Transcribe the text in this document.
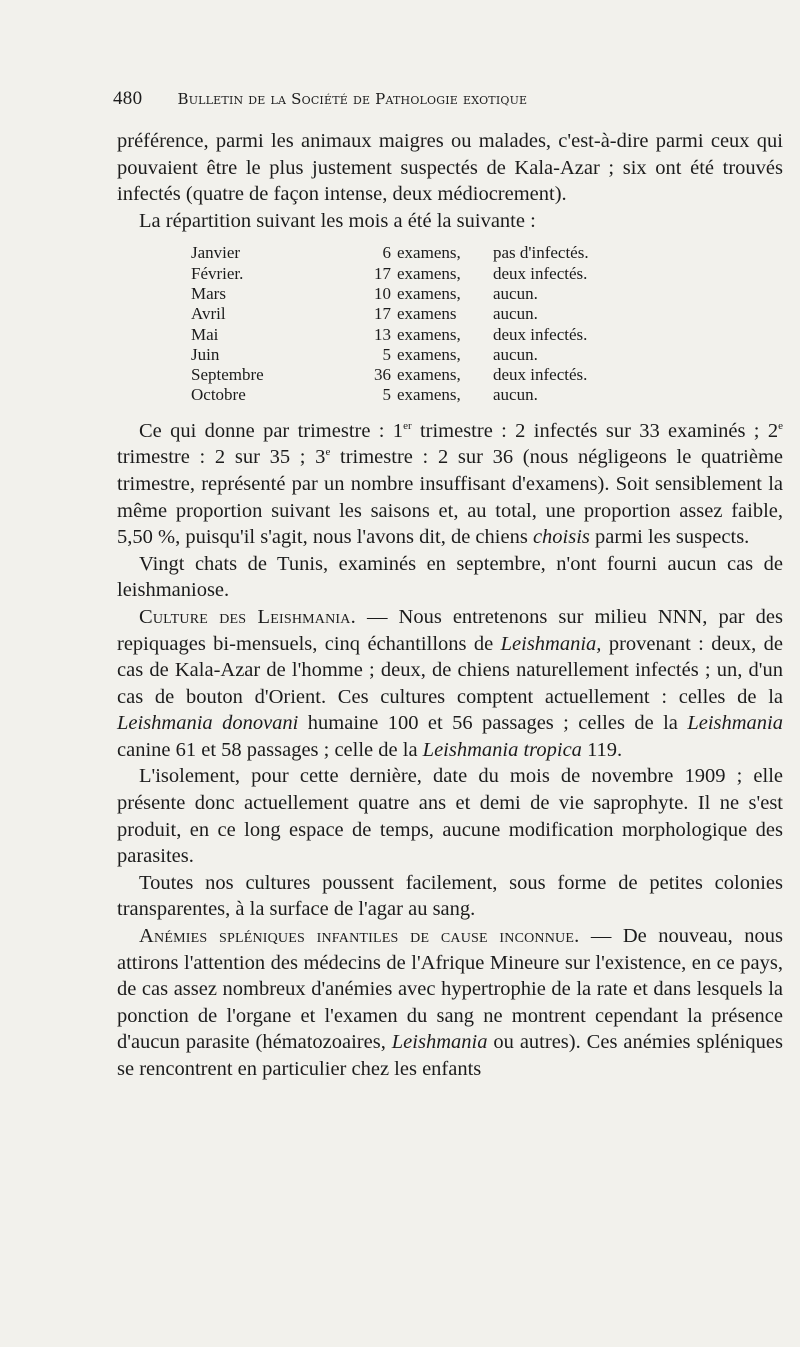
480 Bulletin de la Société de Pathologie exotique

préférence, parmi les animaux maigres ou malades, c'est-à-dire parmi ceux qui pouvaient être le plus justement suspectés de Kala-Azar ; six ont été trouvés infectés (quatre de façon intense, deux médiocrement).

La répartition suivant les mois a été la suivante :

Janvier	6	examens,	pas d'infectés.
Février.	17	examens,	deux infectés.
Mars	10	examens,	aucun.
Avril	17	examens	aucun.
Mai	13	examens,	deux infectés.
Juin	5	examens,	aucun.
Septembre	36	examens,	deux infectés.
Octobre	5	examens,	aucun.

Ce qui donne par trimestre : 1er trimestre : 2 infectés sur 33 examinés ; 2e trimestre : 2 sur 35 ; 3e trimestre : 2 sur 36 (nous négligeons le quatrième trimestre, représenté par un nombre insuffisant d'examens). Soit sensiblement la même proportion suivant les saisons et, au total, une proportion assez faible, 5,50 %, puisqu'il s'agit, nous l'avons dit, de chiens choisis parmi les suspects.

Vingt chats de Tunis, examinés en septembre, n'ont fourni aucun cas de leishmaniose.

Culture des Leishmania. — Nous entretenons sur milieu NNN, par des repiquages bi-mensuels, cinq échantillons de Leishmania, provenant : deux, de cas de Kala-Azar de l'homme ; deux, de chiens naturellement infectés ; un, d'un cas de bouton d'Orient. Ces cultures comptent actuellement : celles de la Leishmania donovani humaine 100 et 56 passages ; celles de la Leishmania canine 61 et 58 passages ; celle de la Leishmania tropica 119.

L'isolement, pour cette dernière, date du mois de novembre 1909 ; elle présente donc actuellement quatre ans et demi de vie saprophyte. Il ne s'est produit, en ce long espace de temps, aucune modification morphologique des parasites.

Toutes nos cultures poussent facilement, sous forme de petites colonies transparentes, à la surface de l'agar au sang.

Anémies spléniques infantiles de cause inconnue. — De nouveau, nous attirons l'attention des médecins de l'Afrique Mineure sur l'existence, en ce pays, de cas assez nombreux d'anémies avec hypertrophie de la rate et dans lesquels la ponction de l'organe et l'examen du sang ne montrent cependant la présence d'aucun parasite (hématozoaires, Leishmania ou autres). Ces anémies spléniques se rencontrent en particulier chez les enfants
